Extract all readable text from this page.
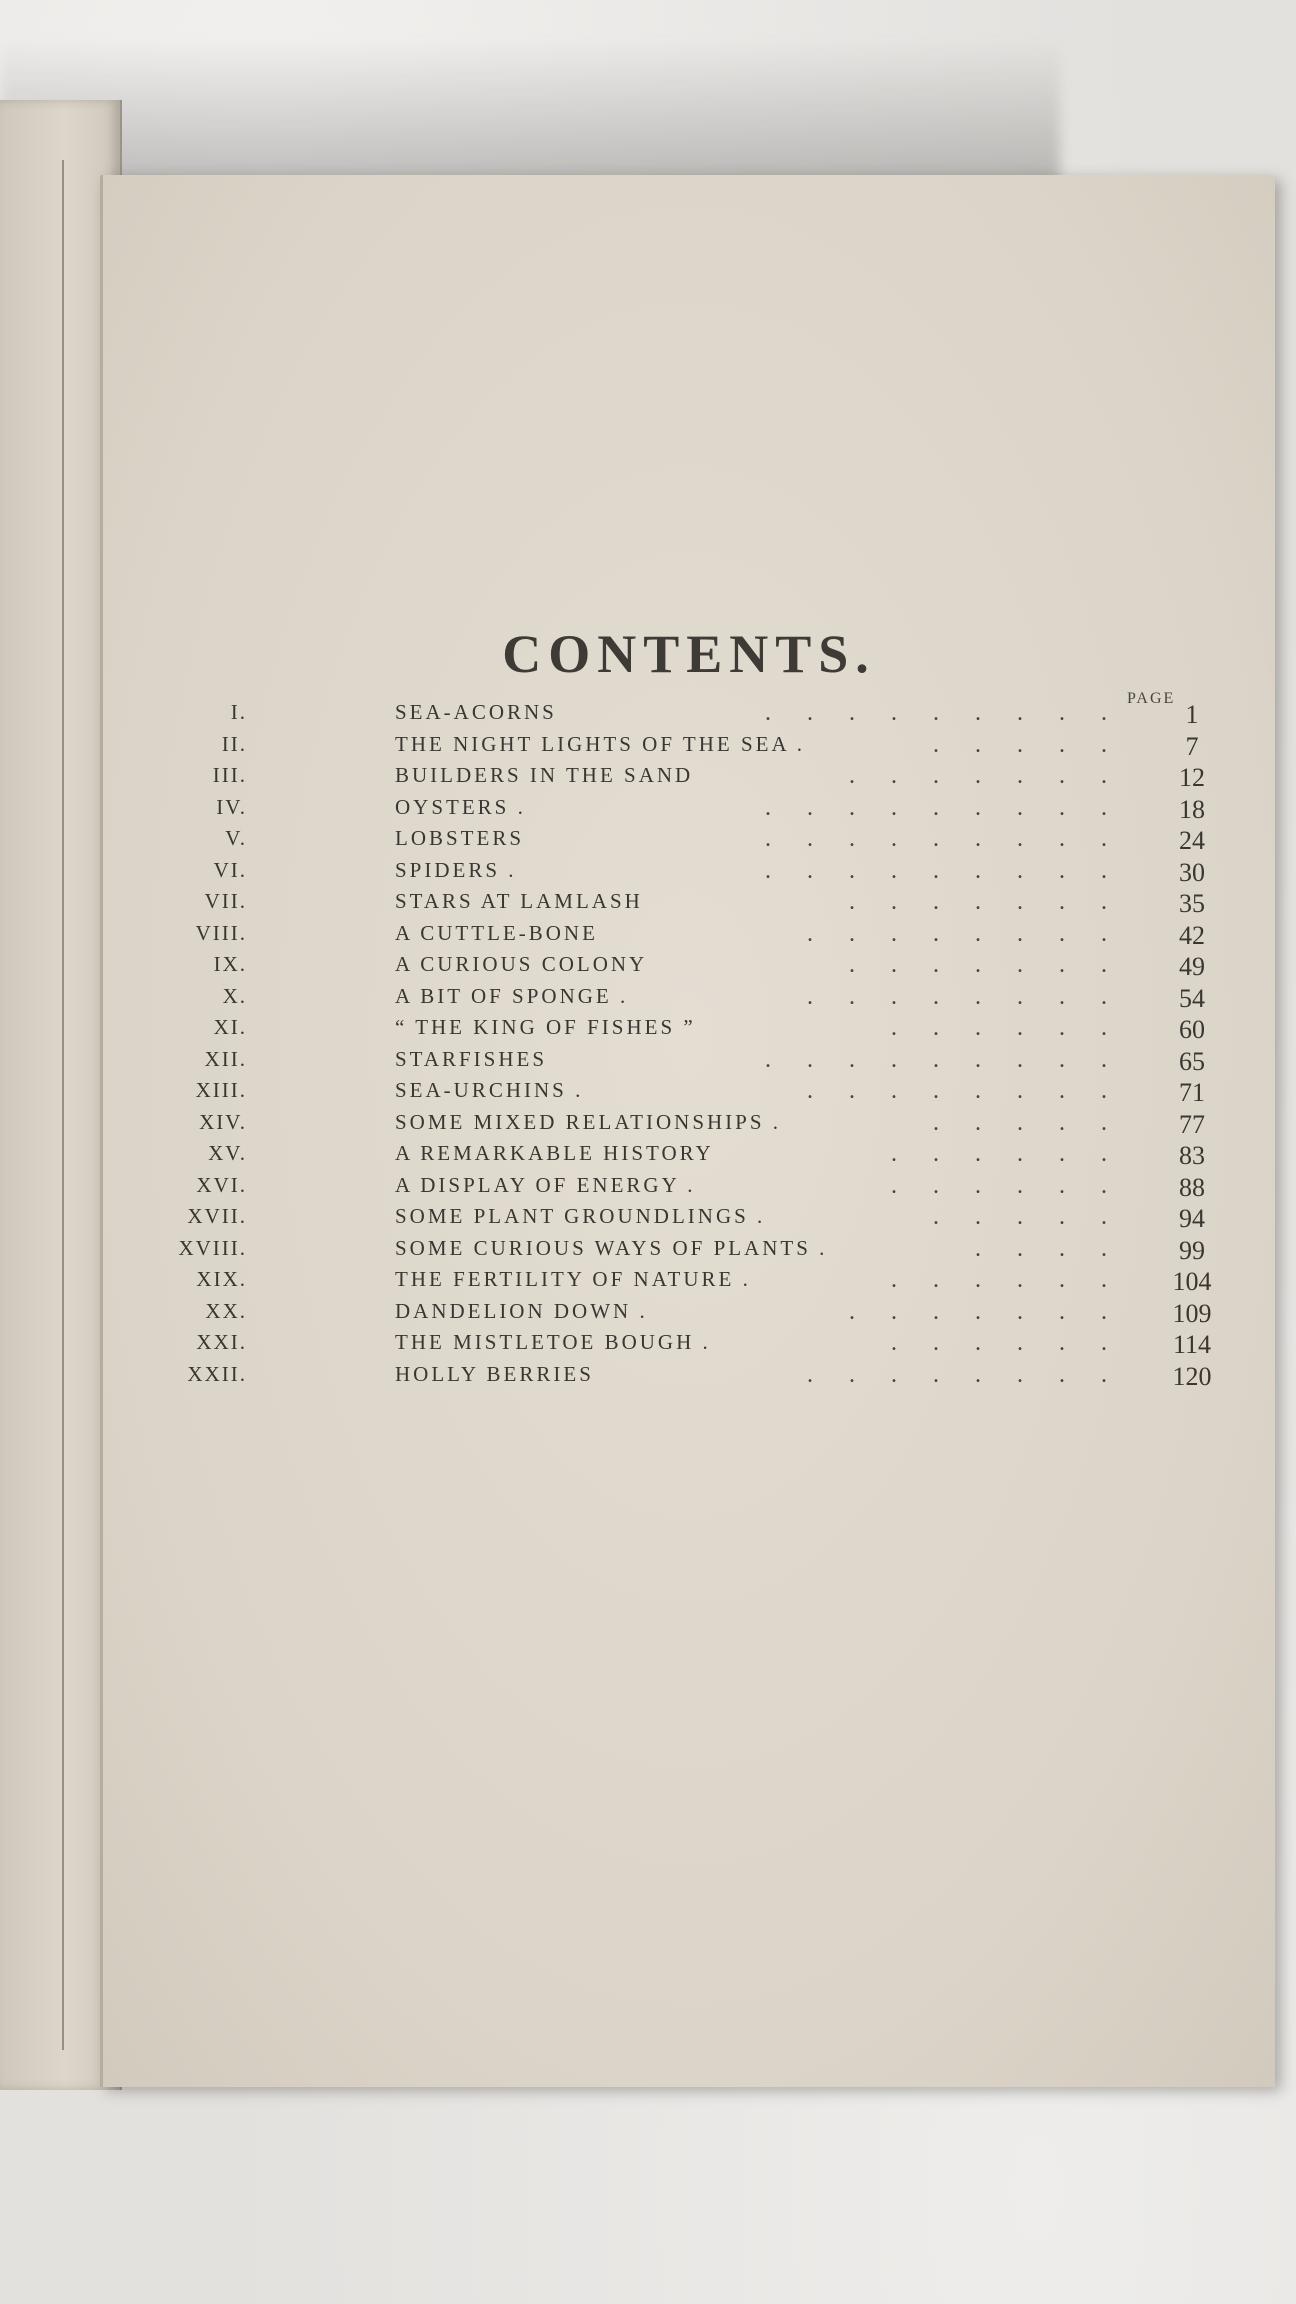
CONTENTS.
PAGE
I.	SEA-ACORNS	.........	1
II.	THE NIGHT LIGHTS OF THE SEA .	.....	7
III.	BUILDERS IN THE SAND	.......	12
IV.	OYSTERS .	.........	18
V.	LOBSTERS	.........	24
VI.	SPIDERS .	.........	30
VII.	STARS AT LAMLASH	.......	35
VIII.	A CUTTLE-BONE	........	42
IX.	A CURIOUS COLONY	.......	49
X.	A BIT OF SPONGE .	........	54
XI.	“ THE KING OF FISHES ”	......	60
XII.	STARFISHES	.........	65
XIII.	SEA-URCHINS .	........	71
XIV.	SOME MIXED RELATIONSHIPS .	.....	77
XV.	A REMARKABLE HISTORY	......	83
XVI.	A DISPLAY OF ENERGY .	......	88
XVII.	SOME PLANT GROUNDLINGS .	.....	94
XVIII.	SOME CURIOUS WAYS OF PLANTS .	....	99
XIX.	THE FERTILITY OF NATURE .	......	104
XX.	DANDELION DOWN .	.......	109
XXI.	THE MISTLETOE BOUGH .	......	114
XXII.	HOLLY BERRIES	........	120
